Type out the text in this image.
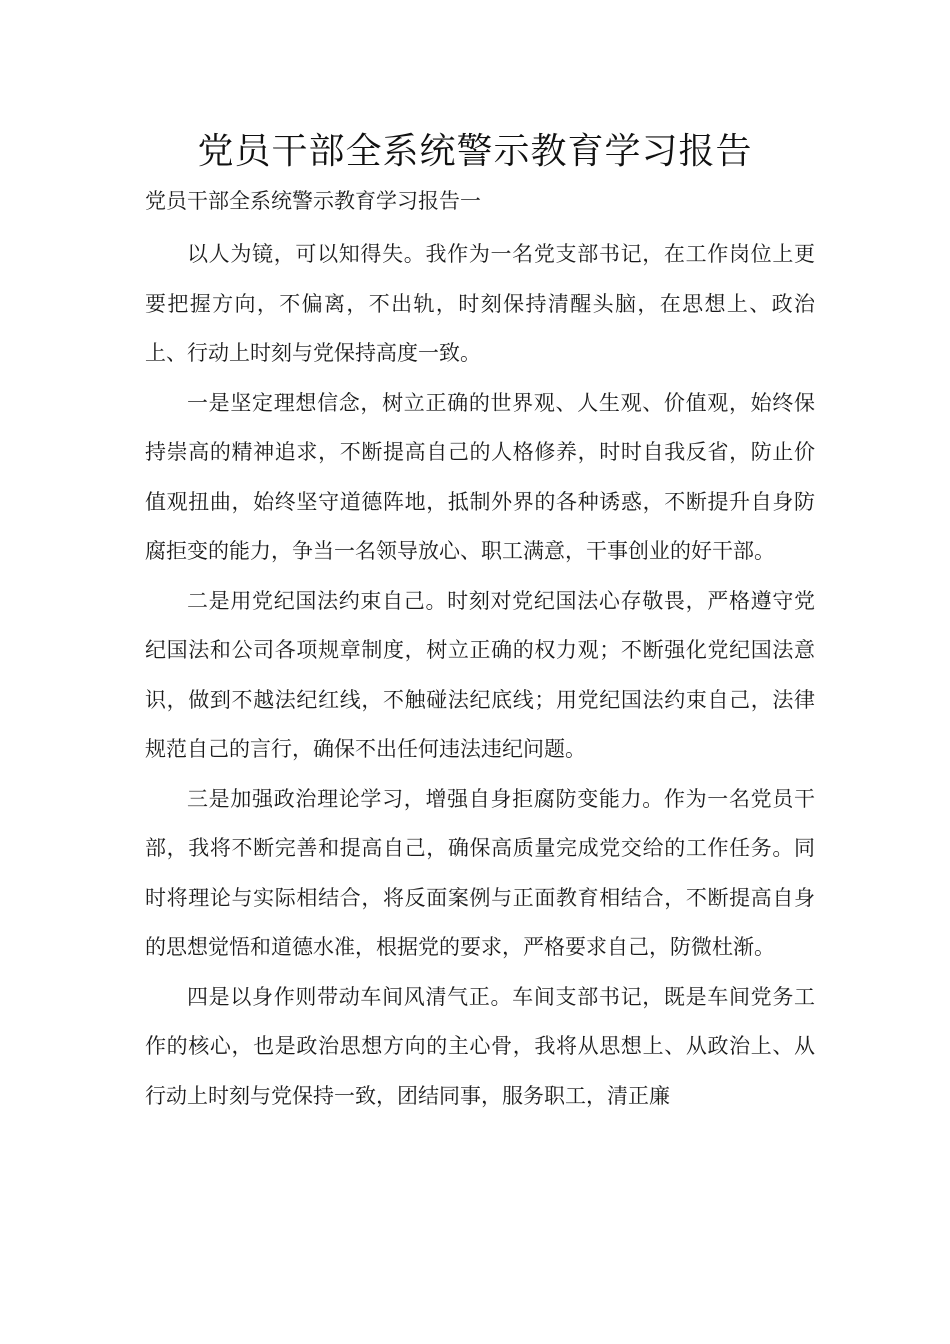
党员干部全系统警示教育学习报告
党员干部全系统警示教育学习报告一

以人为镜，可以知得失。我作为一名党支部书记，在工作岗位上更要把握方向，不偏离，不出轨，时刻保持清醒头脑，在思想上、政治上、行动上时刻与党保持高度一致。

一是坚定理想信念，树立正确的世界观、人生观、价值观，始终保持崇高的精神追求，不断提高自己的人格修养，时时自我反省，防止价值观扭曲，始终坚守道德阵地，抵制外界的各种诱惑，不断提升自身防腐拒变的能力，争当一名领导放心、职工满意，干事创业的好干部。

二是用党纪国法约束自己。时刻对党纪国法心存敬畏，严格遵守党纪国法和公司各项规章制度，树立正确的权力观；不断强化党纪国法意识，做到不越法纪红线，不触碰法纪底线；用党纪国法约束自己，法律规范自己的言行，确保不出任何违法违纪问题。

三是加强政治理论学习，增强自身拒腐防变能力。作为一名党员干部，我将不断完善和提高自己，确保高质量完成党交给的工作任务。同时将理论与实际相结合，将反面案例与正面教育相结合，不断提高自身的思想觉悟和道德水准，根据党的要求，严格要求自己，防微杜渐。

四是以身作则带动车间风清气正。车间支部书记，既是车间党务工作的核心，也是政治思想方向的主心骨，我将从思想上、从政治上、从行动上时刻与党保持一致，团结同事，服务职工，清正廉
